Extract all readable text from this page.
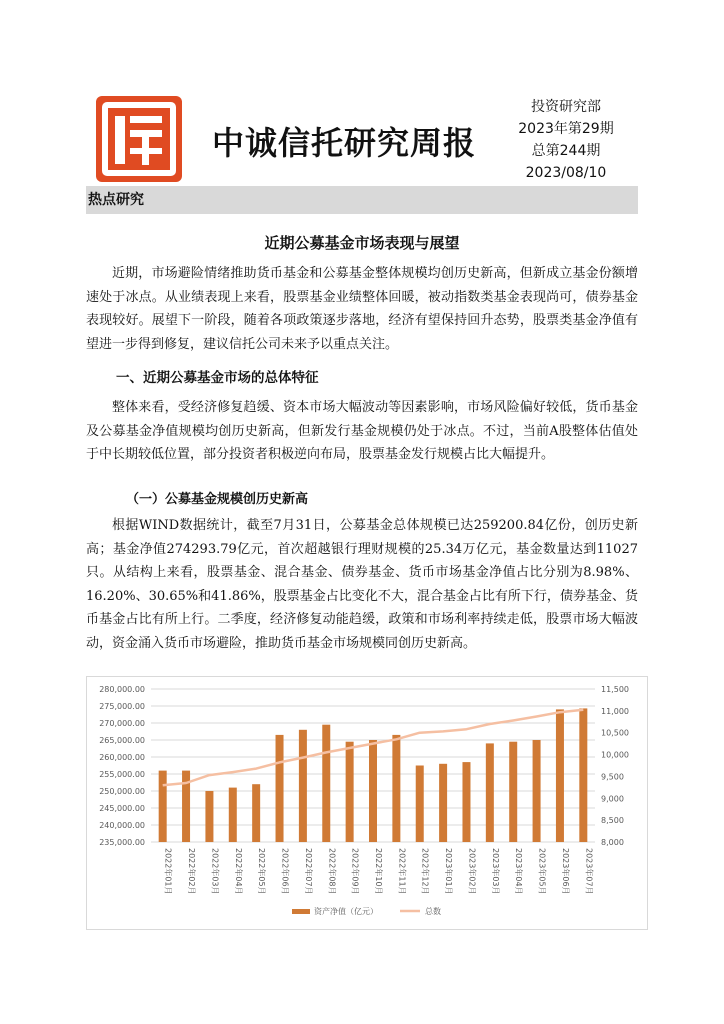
中诚信托研究周报
投资研究部
2023年第29期
总第244期
2023/08/10
热点研究
近期公募基金市场表现与展望

近期，市场避险情绪推助货币基金和公募基金整体规模均创历史新高，但新成立基金份额增速处于冰点。从业绩表现上来看，股票基金业绩整体回暖，被动指数类基金表现尚可，债券基金表现较好。展望下一阶段，随着各项政策逐步落地，经济有望保持回升态势，股票类基金净值有望进一步得到修复，建议信托公司未来予以重点关注。

一、近期公募基金市场的总体特征

整体来看，受经济修复趋缓、资本市场大幅波动等因素影响，市场风险偏好较低，货币基金及公募基金净值规模均创历史新高，但新发行基金规模仍处于冰点。不过，当前A股整体估值处于中长期较低位置，部分投资者积极逆向布局，股票基金发行规模占比大幅提升。

（一）公募基金规模创历史新高

根据WIND数据统计，截至7月31日，公募基金总体规模已达259200.84亿份，创历史新高；基金净值274293.79亿元，首次超越银行理财规模的25.34万亿元，基金数量达到11027只。从结构上来看，股票基金、混合基金、债券基金、货币市场基金净值占比分别为8.98%、16.20%、30.65%和41.86%，股票基金占比变化不大，混合基金占比有所下行，债券基金、货币基金占比有所上行。二季度，经济修复动能趋缓，政策和市场利率持续走低，股票市场大幅波动，资金涌入货币市场避险，推助货币基金市场规模同创历史新高。

235,000.00
240,000.00
245,000.00
250,000.00
255,000.00
260,000.00
265,000.00
270,000.00
275,000.00
280,000.00
8,000
8,500
9,000
9,500
10,000
10,500
11,000
11,500
2022年01月 2022年02月 2022年03月 2022年04月 2022年05月 2022年06月 2022年07月 2022年08月 2022年09月 2022年10月 2022年11月 2022年12月 2023年01月 2023年02月 2023年03月 2023年04月 2023年05月 2023年06月 2023年07月
资产净值（亿元）	总数
